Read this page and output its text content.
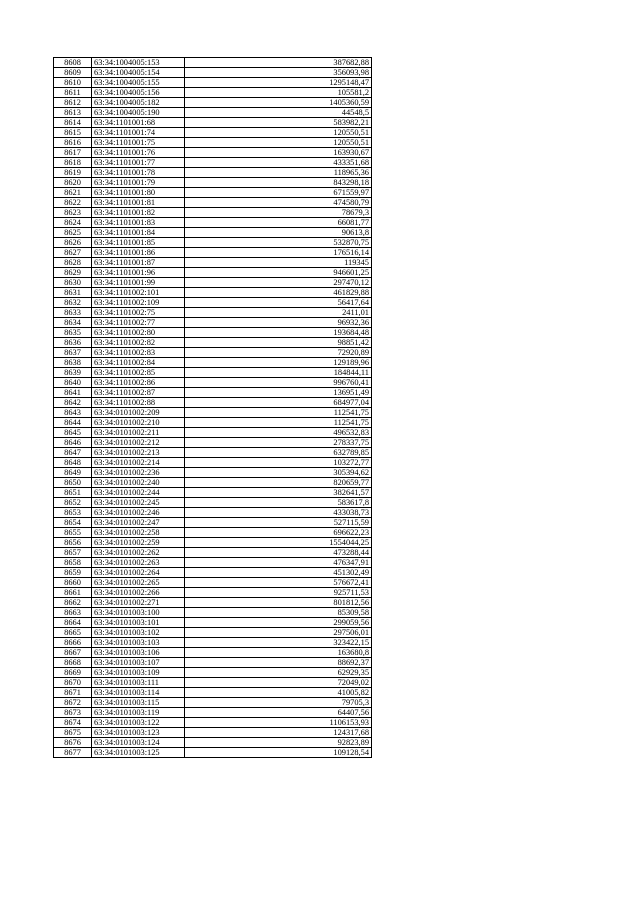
8608	63:34:1004005:153	387682,88
8609	63:34:1004005:154	356093,98
8610	63:34:1004005:155	1295148,47
8611	63:34:1004005:156	105581,2
8612	63:34:1004005:182	1405360,59
8613	63:34:1004005:190	44548,5
8614	63:34:1101001:68	583982,21
8615	63:34:1101001:74	120550,51
8616	63:34:1101001:75	120550,51
8617	63:34:1101001:76	163930,67
8618	63:34:1101001:77	433351,68
8619	63:34:1101001:78	118965,36
8620	63:34:1101001:79	843298,18
8621	63:34:1101001:80	671559,97
8622	63:34:1101001:81	474580,79
8623	63:34:1101001:82	78679,3
8624	63:34:1101001:83	66081,77
8625	63:34:1101001:84	90613,8
8626	63:34:1101001:85	532870,75
8627	63:34:1101001:86	176516,14
8628	63:34:1101001:87	119345
8629	63:34:1101001:96	946601,25
8630	63:34:1101001:99	297470,12
8631	63:34:1101002:101	461829,88
8632	63:34:1101002:109	56417,64
8633	63:34:1101002:75	2411,01
8634	63:34:1101002:77	96932,36
8635	63:34:1101002:80	193684,48
8636	63:34:1101002:82	98851,42
8637	63:34:1101002:83	72920,89
8638	63:34:1101002:84	129189,96
8639	63:34:1101002:85	184844,11
8640	63:34:1101002:86	996760,41
8641	63:34:1101002:87	136951,49
8642	63:34:1101002:88	684977,04
8643	63:34:0101002:209	112541,75
8644	63:34:0101002:210	112541,75
8645	63:34:0101002:211	496532,83
8646	63:34:0101002:212	278337,75
8647	63:34:0101002:213	632789,85
8648	63:34:0101002:214	103272,77
8649	63:34:0101002:236	305394,62
8650	63:34:0101002:240	820659,77
8651	63:34:0101002:244	382641,57
8652	63:34:0101002:245	583617,8
8653	63:34:0101002:246	433038,73
8654	63:34:0101002:247	527115,59
8655	63:34:0101002:258	696622,23
8656	63:34:0101002:259	1554044,25
8657	63:34:0101002:262	473288,44
8658	63:34:0101002:263	476347,91
8659	63:34:0101002:264	451302,49
8660	63:34:0101002:265	576672,41
8661	63:34:0101002:266	925711,53
8662	63:34:0101002:271	801812,56
8663	63:34:0101003:100	85309,58
8664	63:34:0101003:101	299059,56
8665	63:34:0101003:102	297506,01
8666	63:34:0101003:103	323422,15
8667	63:34:0101003:106	163680,8
8668	63:34:0101003:107	88692,37
8669	63:34:0101003:109	62929,35
8670	63:34:0101003:111	72049,02
8671	63:34:0101003:114	41005,82
8672	63:34:0101003:115	79705,3
8673	63:34:0101003:119	64407,56
8674	63:34:0101003:122	1106153,93
8675	63:34:0101003:123	124317,68
8676	63:34:0101003:124	92823,89
8677	63:34:0101003:125	109128,54
